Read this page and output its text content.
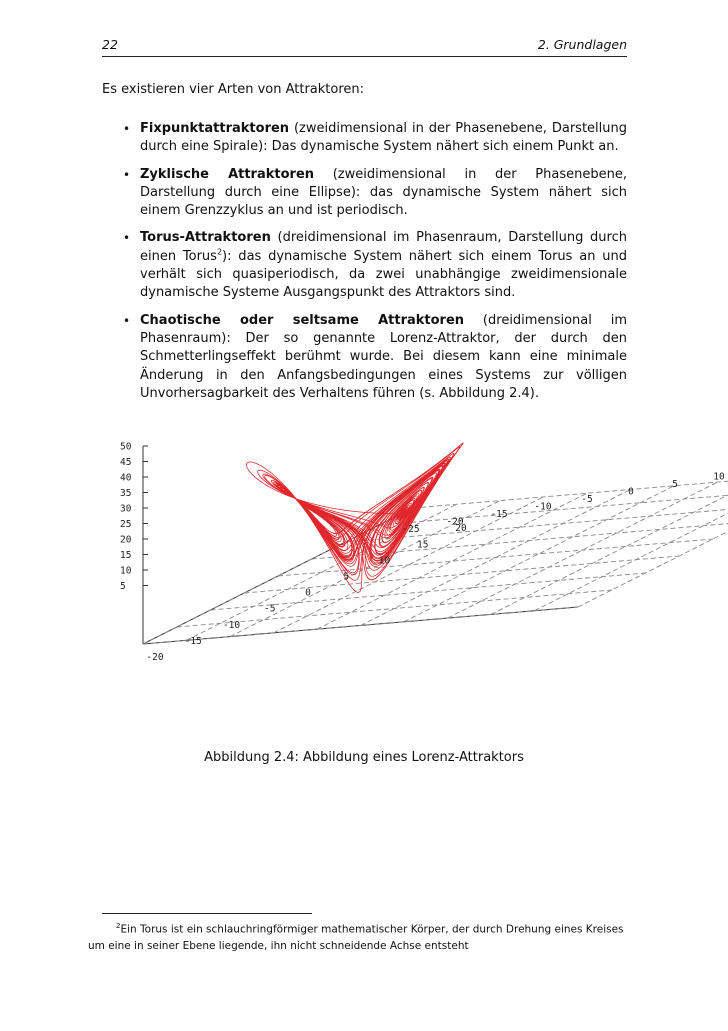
22	2. Grundlagen
Es existieren vier Arten von Attraktoren:
• Fixpunktattraktoren (zweidimensional in der Phasenebene, Darstellung durch eine Spirale): Das dynamische System nähert sich einem Punkt an.
• Zyklische Attraktoren (zweidimensional in der Phasenebene, Darstellung durch eine Ellipse): das dynamische System nähert sich einem Grenzzyklus an und ist periodisch.
• Torus-Attraktoren (dreidimensional im Phasenraum, Darstellung durch einen Torus$^2$): das dynamische System nähert sich einem Torus an und verhält sich quasiperiodisch, da zwei unabhängige zweidimensionale dynamische Systeme Ausgangspunkt des Attraktors sind.
• Chaotische oder seltsame Attraktoren (dreidimensional im Phasenraum): Der so genannte Lorenz-Attraktor, der durch den Schmetterlingseffekt berühmt wurde. Bei diesem kann eine minimale Änderung in den Anfangsbedingungen eines Systems zur völligen Unvorhersagbarkeit des Verhaltens führen (s. Abbildung 2.4).
50
45
40
35
30
25
20
15
10
5
-20
-15
-10
-5
0
5
10
15
20
-25
-20
-15
-10
-5
0
5
10
Abbildung 2.4: Abbildung eines Lorenz-Attraktors
$^2$Ein Torus ist ein schlauchringförmiger mathematischer Körper, der durch Drehung eines Kreises um eine in seiner Ebene liegende, ihn nicht schneidende Achse entsteht
